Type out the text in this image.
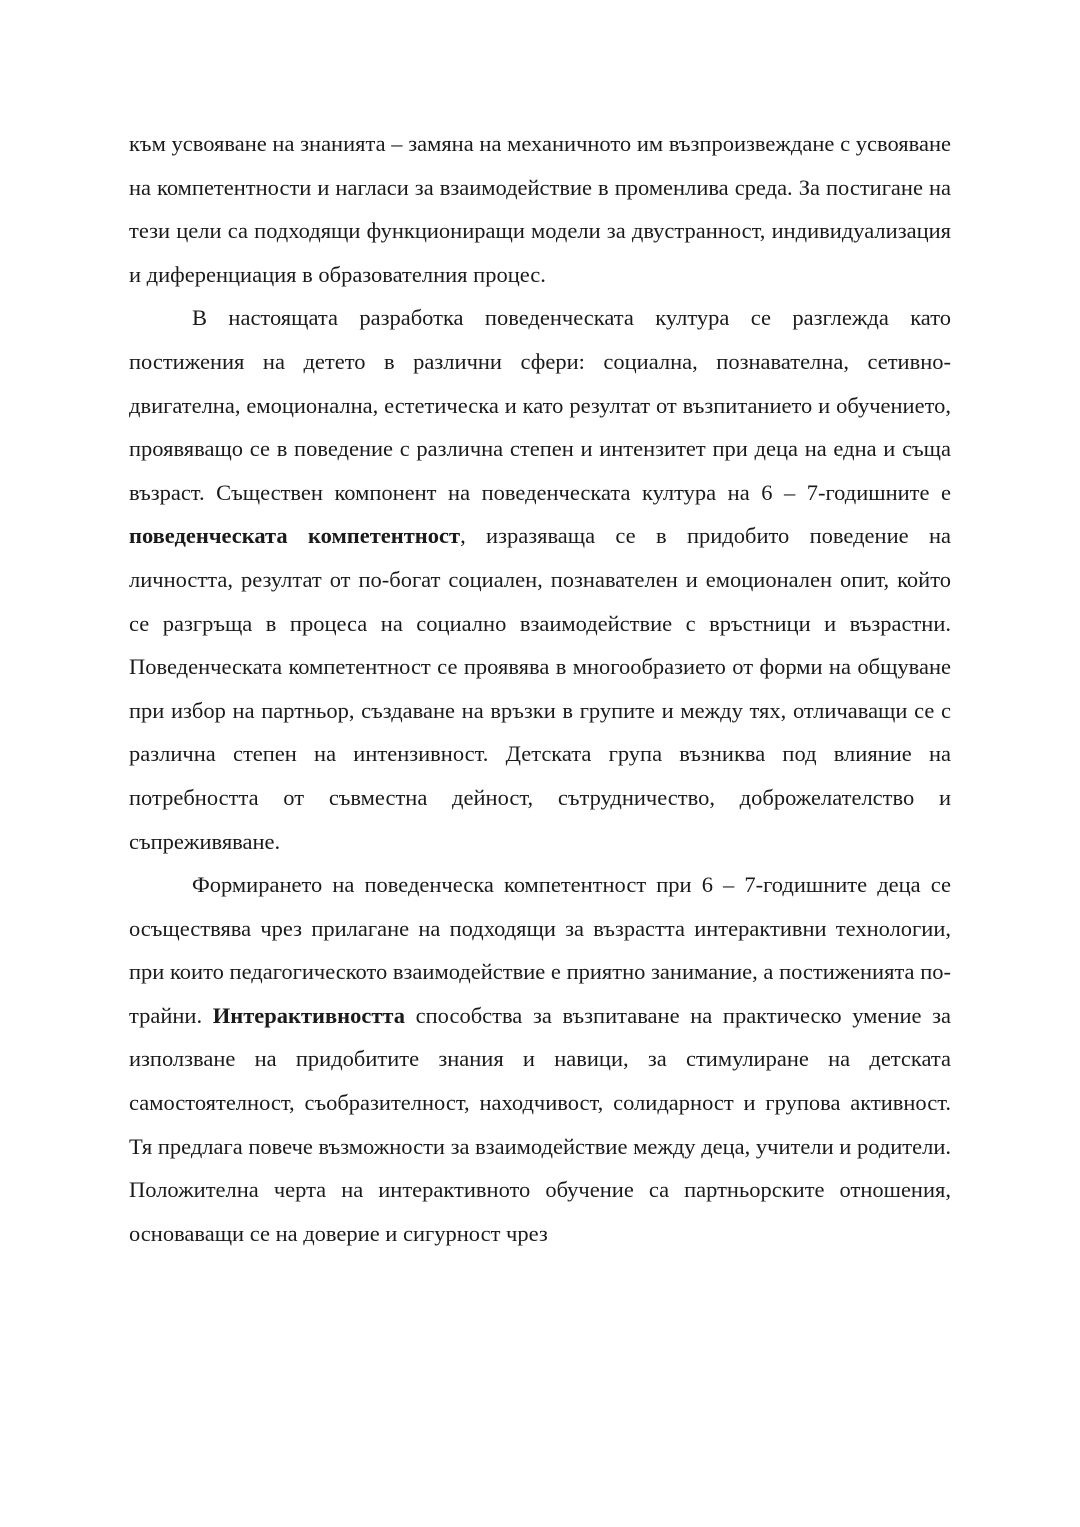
към усвояване на знанията – замяна на механичното им възпроизвеждане с усвояване на компетентности и нагласи за взаимодействие в променлива среда. За постигане на тези цели са подходящи функциониращи модели за двустранност, индивидуализация и диференциация в образователния процес.

В настоящата разработка поведенческата култура се разглежда като постижения на детето в различни сфери: социална, познавателна, сетивно-двигателна, емоционална, естетическа и като резултат от възпитанието и обучението, проявяващо се в поведение с различна степен и интензитет при деца на една и съща възраст. Съществен компонент на поведенческата култура на 6 – 7-годишните е поведенческата компетентност, изразяваща се в придобито поведение на личността, резултат от по-богат социален, познавателен и емоционален опит, който се разгръща в процеса на социално взаимодействие с връстници и възрастни. Поведенческата компетентност се проявява в многообразието от форми на общуване при избор на партньор, създаване на връзки в групите и между тях, отличаващи се с различна степен на интензивност. Детската група възниква под влияние на потребността от съвместна дейност, сътрудничество, доброжелателство и съпреживяване.

Формирането на поведенческа компетентност при 6 – 7-годишните деца се осъществява чрез прилагане на подходящи за възрастта интерактивни технологии, при които педагогическото взаимодействие е приятно занимание, а постиженията по-трайни. Интерактивността способства за възпитаване на практическо умение за използване на придобитите знания и навици, за стимулиране на детската самостоятелност, съобразителност, находчивост, солидарност и групова активност. Тя предлага повече възможности за взаимодействие между деца, учители и родители. Положителна черта на интерактивното обучение са партньорските отношения, основаващи се на доверие и сигурност чрез
